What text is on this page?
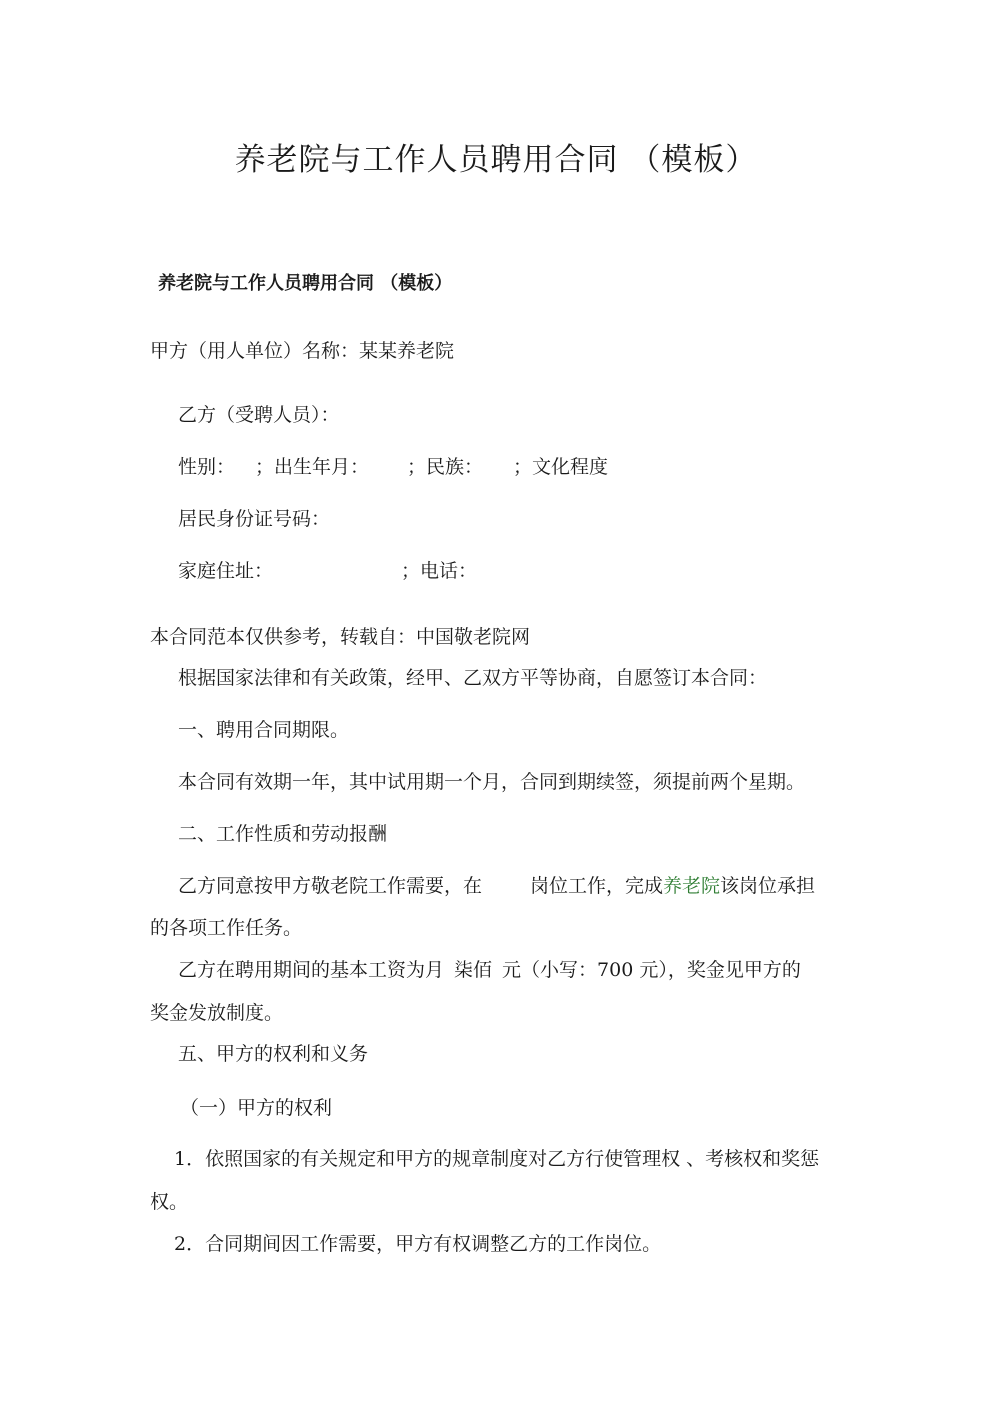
养老院与工作人员聘用合同 （模板）
养老院与工作人员聘用合同 （模板）
甲方（用人单位）名称：某某养老院
乙方（受聘人员）：
性别： ；出生年月： ；民族： ；文化程度
居民身份证号码：
家庭住址：	；电话：
本合同范本仅供参考，转载自：中国敬老院网
根据国家法律和有关政策，经甲、乙双方平等协商，自愿签订本合同：
一、聘用合同期限。
本合同有效期一年，其中试用期一个月，合同到期续签，须提前两个星期。
二、工作性质和劳动报酬
乙方同意按甲方敬老院工作需要，在	岗位工作，完成养老院该岗位承担
的各项工作任务。
乙方在聘用期间的基本工资为月 柒佰 元（小写：700 元），奖金见甲方的
奖金发放制度。
五、甲方的权利和义务
（一）甲方的权利
1．依照国家的有关规定和甲方的规章制度对乙方行使管理权 、考核权和奖惩
权。
2．合同期间因工作需要，甲方有权调整乙方的工作岗位。
